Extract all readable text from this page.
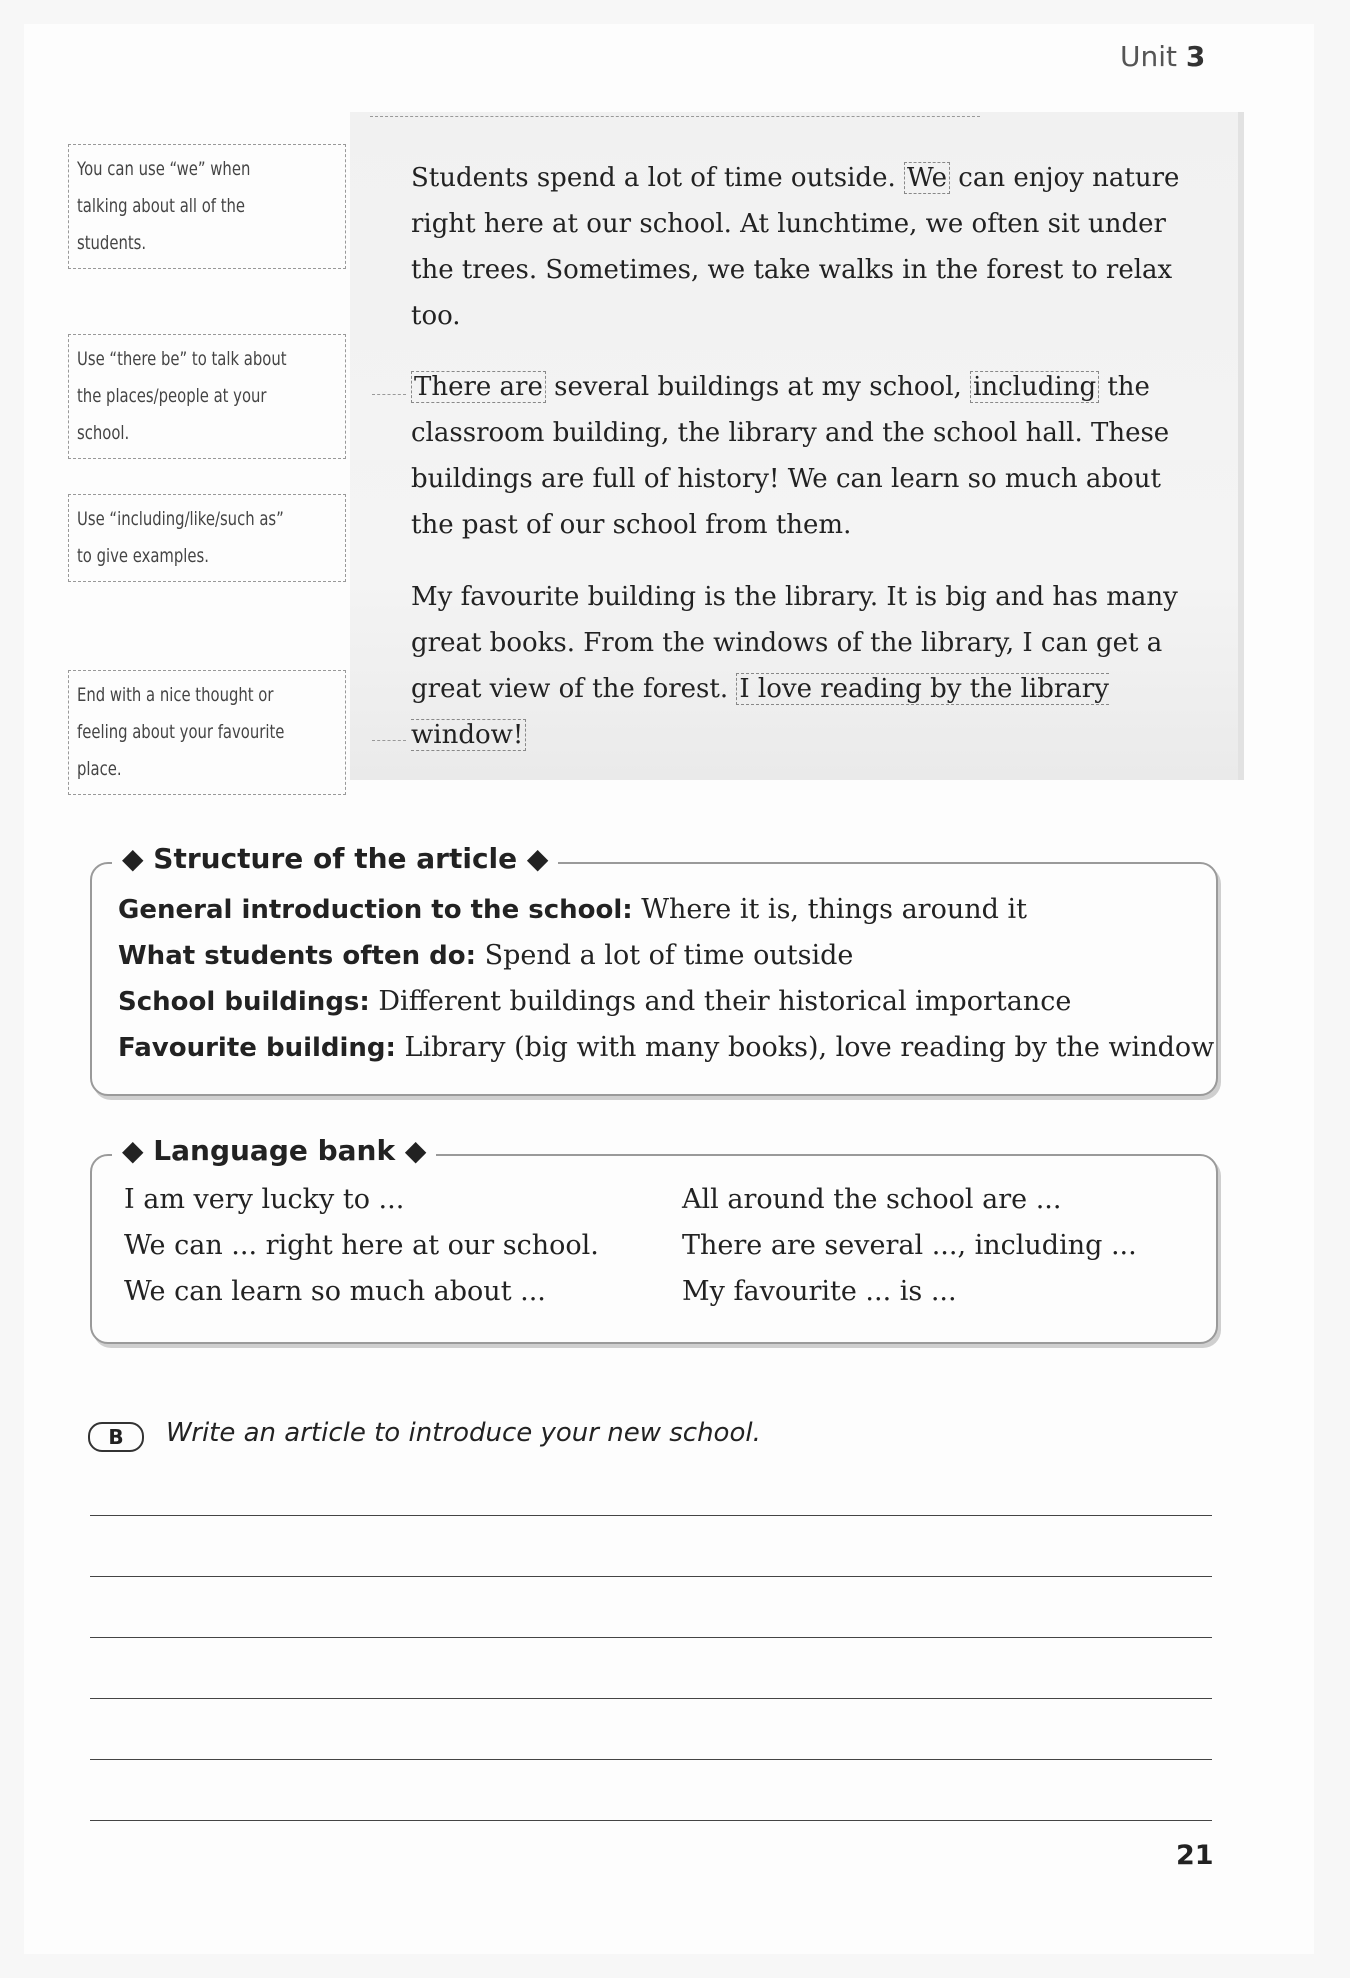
Unit 3
You can use “we” when
talking about all of the
students.
Use “there be” to talk about
the places/people at your
school.
Use “including/like/such as”
to give examples.
End with a nice thought or
feeling about your favourite
place.
Students spend a lot of time outside. We can enjoy nature right here at our school. At lunchtime, we often sit under the trees. Sometimes, we take walks in the forest to relax too.
There are several buildings at my school, including the classroom building, the library and the school hall. These buildings are full of history! We can learn so much about the past of our school from them.
My favourite building is the library. It is big and has many great books. From the windows of the library, I can get a great view of the forest. I love reading by the library window!
◆ Structure of the article ◆
General introduction to the school: Where it is, things around it
What students often do: Spend a lot of time outside
School buildings: Different buildings and their historical importance
Favourite building: Library (big with many books), love reading by the window
◆ Language bank ◆
I am very lucky to ...
We can ... right here at our school.
We can learn so much about ...
All around the school are ...
There are several ..., including ...
My favourite ... is ...
B	Write an article to introduce your new school.
21
